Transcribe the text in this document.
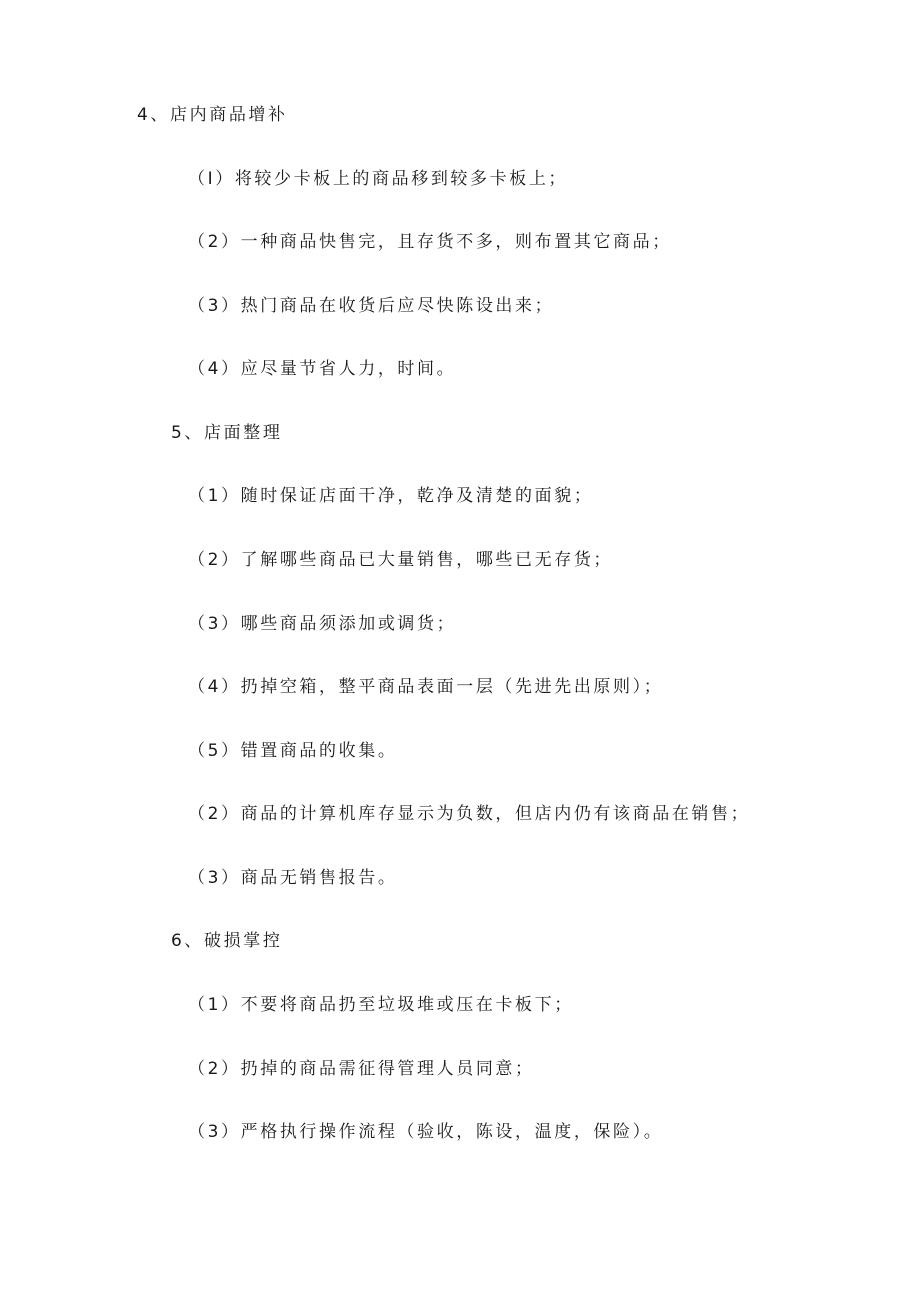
4、店内商品增补
（I）将较少卡板上的商品移到较多卡板上；
（2）一种商品快售完，且存货不多，则布置其它商品；
（3）热门商品在收货后应尽快陈设出来；
（4）应尽量节省人力，时间。
5、店面整理
（1）随时保证店面干净，乾净及清楚的面貌；
（2）了解哪些商品已大量销售，哪些已无存货；
（3）哪些商品须添加或调货；
（4）扔掉空箱，整平商品表面一层（先进先出原则）；
（5）错置商品的收集。
（2）商品的计算机库存显示为负数，但店内仍有该商品在销售；
（3）商品无销售报告。
6、破损掌控
（1）不要将商品扔至垃圾堆或压在卡板下；
（2）扔掉的商品需征得管理人员同意；
（3）严格执行操作流程（验收，陈设，温度，保险）。
